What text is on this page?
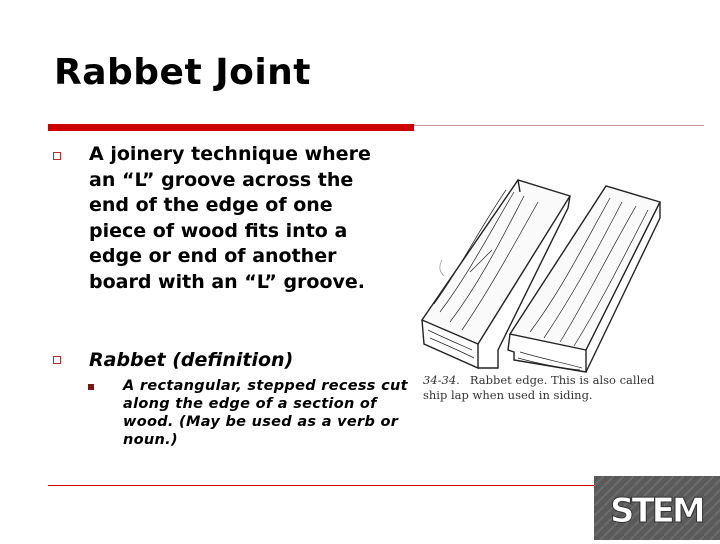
Rabbet Joint

A joinery technique where an “L” groove across the end of the edge of one piece of wood fits into a edge or end of another board with an “L” groove.

Rabbet (definition)

A rectangular, stepped recess cut along the edge of a section of wood. (May be used as a verb or noun.)

34-34. Rabbet edge. This is also called ship lap when used in siding.

STEM
